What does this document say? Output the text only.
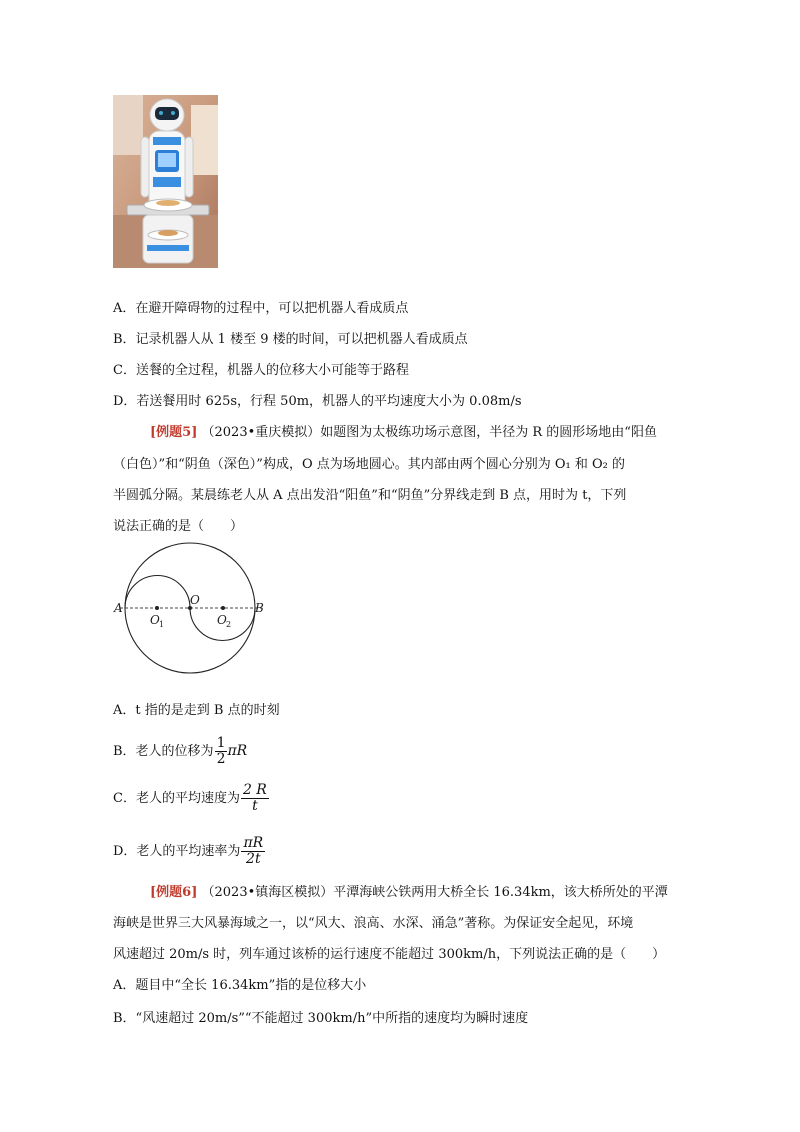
A．在避开障碍物的过程中，可以把机器人看成质点
B．记录机器人从 1 楼至 9 楼的时间，可以把机器人看成质点
C．送餐的全过程，机器人的位移大小可能等于路程
D．若送餐用时 625s，行程 50m，机器人的平均速度大小为 0.08m/s
[例题5] （2023•重庆模拟）如题图为太极练功场示意图，半径为 R 的圆形场地由“阳鱼
（白色）”和“阴鱼（深色）”构成，O 点为场地圆心。其内部由两个圆心分别为 O₁ 和 O₂ 的
半圆弧分隔。某晨练老人从 A 点出发沿“阳鱼”和“阴鱼”分界线走到 B 点，用时为 t，下列
说法正确的是（　　）
A
O
B
O 1	O 2
A．t 指的是走到 B 点的时刻
B．老人的位移为 $\frac{1}{2}$ πR
C．老人的平均速度为 $\frac{2 R}{t}$
D．老人的平均速率为 $\frac{\pi R}{2t}$
[例题6] （2023•镇海区模拟）平潭海峡公铁两用大桥全长 16.34km，该大桥所处的平潭
海峡是世界三大风暴海域之一，以“风大、浪高、水深、涌急”著称。为保证安全起见，环境
风速超过 20m/s 时，列车通过该桥的运行速度不能超过 300km/h，下列说法正确的是（　　）
A．题目中“全长 16.34km”指的是位移大小
B．“风速超过 20m/s”“不能超过 300km/h”中所指的速度均为瞬时速度
